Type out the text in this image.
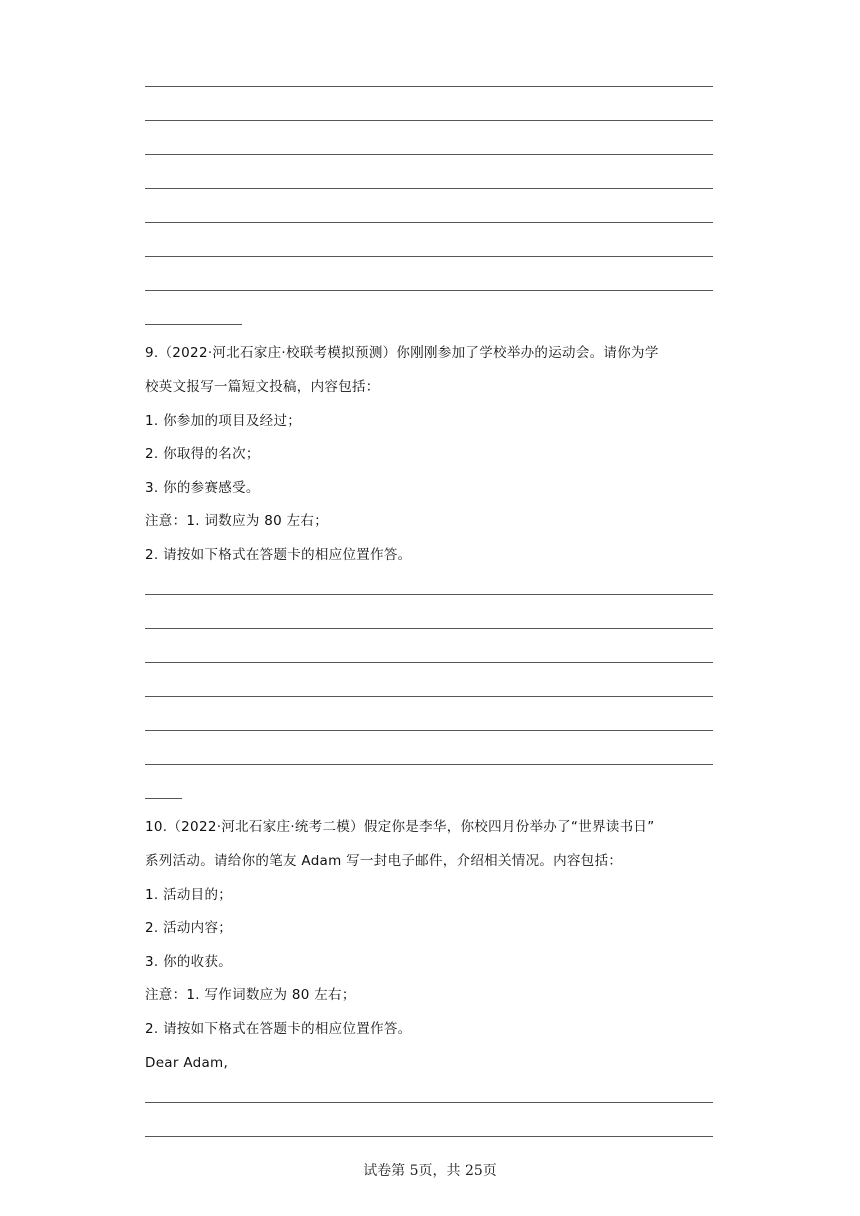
9.（2022·河北石家庄·校联考模拟预测）你刚刚参加了学校举办的运动会。请你为学
校英文报写一篇短文投稿，内容包括：
1. 你参加的项目及经过；
2. 你取得的名次；
3. 你的参赛感受。
注意：1. 词数应为 80 左右；
2. 请按如下格式在答题卡的相应位置作答。
10.（2022·河北石家庄·统考二模）假定你是李华，你校四月份举办了“世界读书日”
系列活动。请给你的笔友 Adam 写一封电子邮件，介绍相关情况。内容包括：
1. 活动目的；
2. 活动内容；
3. 你的收获。
注意：1. 写作词数应为 80 左右；
2. 请按如下格式在答题卡的相应位置作答。
Dear Adam,
试卷第 5页，共 25页
